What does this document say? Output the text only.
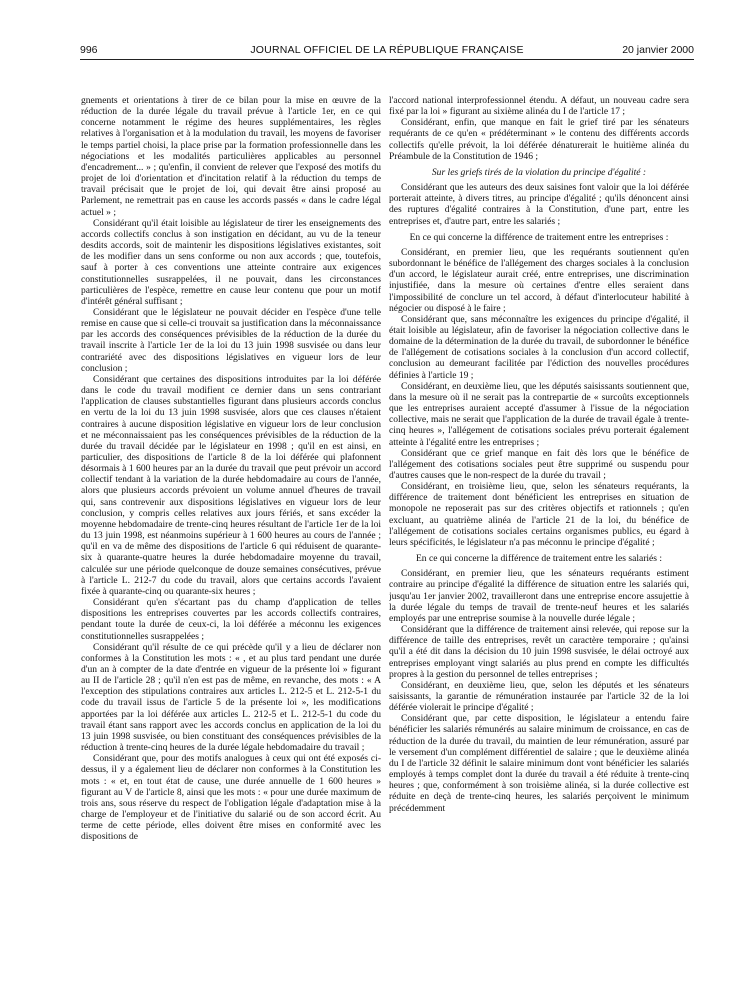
996	JOURNAL OFFICIEL DE LA RÉPUBLIQUE FRANÇAISE	20 janvier 2000

gnements et orientations à tirer de ce bilan pour la mise en œuvre de la réduction de la durée légale du travail prévue à l'article 1er, en ce qui concerne notamment le régime des heures supplémentaires, les règles relatives à l'organisation et à la modulation du travail, les moyens de favoriser le temps partiel choisi, la place prise par la formation professionnelle dans les négociations et les modalités particulières applicables au personnel d'encadrement... » ; qu'enfin, il convient de relever que l'exposé des motifs du projet de loi d'orientation et d'incitation relatif à la réduction du temps de travail précisait que le projet de loi, qui devait être ainsi proposé au Parlement, ne remettrait pas en cause les accords passés « dans le cadre légal actuel » ;

Considérant qu'il était loisible au législateur de tirer les enseignements des accords collectifs conclus à son instigation en décidant, au vu de la teneur desdits accords, soit de maintenir les dispositions législatives existantes, soit de les modifier dans un sens conforme ou non aux accords ; que, toutefois, sauf à porter à ces conventions une atteinte contraire aux exigences constitutionnelles susrappelées, il ne pouvait, dans les circonstances particulières de l'espèce, remettre en cause leur contenu que pour un motif d'intérêt général suffisant ;

Considérant que le législateur ne pouvait décider en l'espèce d'une telle remise en cause que si celle-ci trouvait sa justification dans la méconnaissance par les accords des conséquences prévisibles de la réduction de la durée du travail inscrite à l'article 1er de la loi du 13 juin 1998 susvisée ou dans leur contrariété avec des dispositions législatives en vigueur lors de leur conclusion ;

Considérant que certaines des dispositions introduites par la loi déférée dans le code du travail modifient ce dernier dans un sens contrariant l'application de clauses substantielles figurant dans plusieurs accords conclus en vertu de la loi du 13 juin 1998 susvisée, alors que ces clauses n'étaient contraires à aucune disposition législative en vigueur lors de leur conclusion et ne méconnaissaient pas les conséquences prévisibles de la réduction de la durée du travail décidée par le législateur en 1998 ; qu'il en est ainsi, en particulier, des dispositions de l'article 8 de la loi déférée qui plafonnent désormais à 1 600 heures par an la durée du travail que peut prévoir un accord collectif tendant à la variation de la durée hebdomadaire au cours de l'année, alors que plusieurs accords prévoient un volume annuel d'heures de travail qui, sans contrevenir aux dispositions législatives en vigueur lors de leur conclusion, y compris celles relatives aux jours fériés, et sans excéder la moyenne hebdomadaire de trente-cinq heures résultant de l'article 1er de la loi du 13 juin 1998, est néanmoins supérieur à 1 600 heures au cours de l'année ; qu'il en va de même des dispositions de l'article 6 qui réduisent de quarante-six à quarante-quatre heures la durée hebdomadaire moyenne du travail, calculée sur une période quelconque de douze semaines consécutives, prévue à l'article L. 212-7 du code du travail, alors que certains accords l'avaient fixée à quarante-cinq ou quarante-six heures ;

Considérant qu'en s'écartant pas du champ d'application de telles dispositions les entreprises couvertes par les accords collectifs contraires, pendant toute la durée de ceux-ci, la loi déférée a méconnu les exigences constitutionnelles susrappelées ;

Considérant qu'il résulte de ce qui précède qu'il y a lieu de déclarer non conformes à la Constitution les mots : « , et au plus tard pendant une durée d'un an à compter de la date d'entrée en vigueur de la présente loi » figurant au II de l'article 28 ; qu'il n'en est pas de même, en revanche, des mots : « A l'exception des stipulations contraires aux articles L. 212-5 et L. 212-5-1 du code du travail issus de l'article 5 de la présente loi », les modifications apportées par la loi déférée aux articles L. 212-5 et L. 212-5-1 du code du travail étant sans rapport avec les accords conclus en application de la loi du 13 juin 1998 susvisée, ou bien constituant des conséquences prévisibles de la réduction à trente-cinq heures de la durée légale hebdomadaire du travail ;

Considérant que, pour des motifs analogues à ceux qui ont été exposés ci-dessus, il y a également lieu de déclarer non conformes à la Constitution les mots : « et, en tout état de cause, une durée annuelle de 1 600 heures » figurant au V de l'article 8, ainsi que les mots : « pour une durée maximum de trois ans, sous réserve du respect de l'obligation légale d'adaptation mise à la charge de l'employeur et de l'initiative du salarié ou de son accord écrit. Au terme de cette période, elles doivent être mises en conformité avec les dispositions de

l'accord national interprofessionnel étendu. A défaut, un nouveau cadre sera fixé par la loi » figurant au sixième alinéa du I de l'article 17 ;

Considérant, enfin, que manque en fait le grief tiré par les sénateurs requérants de ce qu'en « prédéterminant » le contenu des différents accords collectifs qu'elle prévoit, la loi déférée dénaturerait le huitième alinéa du Préambule de la Constitution de 1946 ;

Sur les griefs tirés de la violation du principe d'égalité :

Considérant que les auteurs des deux saisines font valoir que la loi déférée porterait atteinte, à divers titres, au principe d'égalité ; qu'ils dénoncent ainsi des ruptures d'égalité contraires à la Constitution, d'une part, entre les entreprises et, d'autre part, entre les salariés ;

En ce qui concerne la différence de traitement entre les entreprises :

Considérant, en premier lieu, que les requérants soutiennent qu'en subordonnant le bénéfice de l'allégement des charges sociales à la conclusion d'un accord, le législateur aurait créé, entre entreprises, une discrimination injustifiée, dans la mesure où certaines d'entre elles seraient dans l'impossibilité de conclure un tel accord, à défaut d'interlocuteur habilité à négocier ou disposé à le faire ;

Considérant que, sans méconnaître les exigences du principe d'égalité, il était loisible au législateur, afin de favoriser la négociation collective dans le domaine de la détermination de la durée du travail, de subordonner le bénéfice de l'allégement de cotisations sociales à la conclusion d'un accord collectif, conclusion au demeurant facilitée par l'édiction des nouvelles procédures définies à l'article 19 ;

Considérant, en deuxième lieu, que les députés saisissants soutiennent que, dans la mesure où il ne serait pas la contrepartie de « surcoûts exceptionnels que les entreprises auraient accepté d'assumer à l'issue de la négociation collective, mais ne serait que l'application de la durée de travail égale à trente-cinq heures », l'allégement de cotisations sociales prévu porterait également atteinte à l'égalité entre les entreprises ;

Considérant que ce grief manque en fait dès lors que le bénéfice de l'allégement des cotisations sociales peut être supprimé ou suspendu pour d'autres causes que le non-respect de la durée du travail ;

Considérant, en troisième lieu, que, selon les sénateurs requérants, la différence de traitement dont bénéficient les entreprises en situation de monopole ne reposerait pas sur des critères objectifs et rationnels ; qu'en excluant, au quatrième alinéa de l'article 21 de la loi, du bénéfice de l'allégement de cotisations sociales certains organismes publics, eu égard à leurs spécificités, le législateur n'a pas méconnu le principe d'égalité ;

En ce qui concerne la différence de traitement entre les salariés :

Considérant, en premier lieu, que les sénateurs requérants estiment contraire au principe d'égalité la différence de situation entre les salariés qui, jusqu'au 1er janvier 2002, travailleront dans une entreprise encore assujettie à la durée légale du temps de travail de trente-neuf heures et les salariés employés par une entreprise soumise à la nouvelle durée légale ;

Considérant que la différence de traitement ainsi relevée, qui repose sur la différence de taille des entreprises, revêt un caractère temporaire ; qu'ainsi qu'il a été dit dans la décision du 10 juin 1998 susvisée, le délai octroyé aux entreprises employant vingt salariés au plus prend en compte les difficultés propres à la gestion du personnel de telles entreprises ;

Considérant, en deuxième lieu, que, selon les députés et les sénateurs saisissants, la garantie de rémunération instaurée par l'article 32 de la loi déférée violerait le principe d'égalité ;

Considérant que, par cette disposition, le législateur a entendu faire bénéficier les salariés rémunérés au salaire minimum de croissance, en cas de réduction de la durée du travail, du maintien de leur rémunération, assuré par le versement d'un complément différentiel de salaire ; que le deuxième alinéa du I de l'article 32 définit le salaire minimum dont vont bénéficier les salariés employés à temps complet dont la durée du travail a été réduite à trente-cinq heures ; que, conformément à son troisième alinéa, si la durée collective est réduite en deçà de trente-cinq heures, les salariés perçoivent le minimum précédemment
